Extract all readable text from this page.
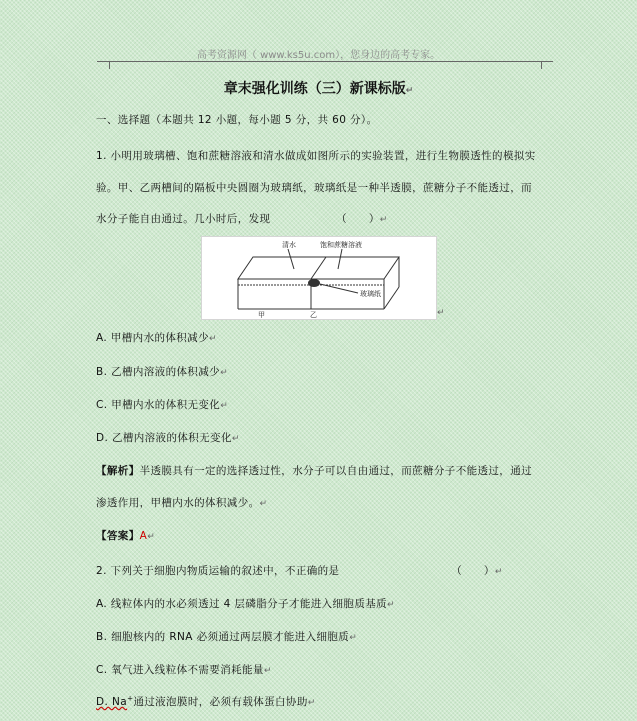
高考资源网（ www.ks5u.com），您身边的高考专家。
章末强化训练（三）新课标版↵
一、选择题（本题共 12 小题，每小题 5 分，共 60 分）。
1. 小明用玻璃槽、饱和蔗糖溶液和清水做成如图所示的实验装置，进行生物膜透性的模拟实
验。甲、乙两槽间的隔板中央圆圈为玻璃纸，玻璃纸是一种半透膜，蔗糖分子不能透过，而
水分子能自由通过。几小时后，发现	（　　）↵
清水	饱和蔗糖溶液
玻璃纸
甲	乙	↵
A. 甲槽内水的体积减少↵
B. 乙槽内溶液的体积减少↵
C. 甲槽内水的体积无变化↵
D. 乙槽内溶液的体积无变化↵
【解析】半透膜具有一定的选择透过性，水分子可以自由通过，而蔗糖分子不能透过，通过
渗透作用，甲槽内水的体积减少。↵
【答案】A↵
2. 下列关于细胞内物质运输的叙述中，不正确的是	（　　）↵
A. 线粒体内的水必须透过 4 层磷脂分子才能进入细胞质基质↵
B. 细胞核内的 RNA 必须通过两层膜才能进入细胞质↵
C. 氧气进入线粒体不需要消耗能量↵
D. Na+通过液泡膜时，必须有载体蛋白协助↵
